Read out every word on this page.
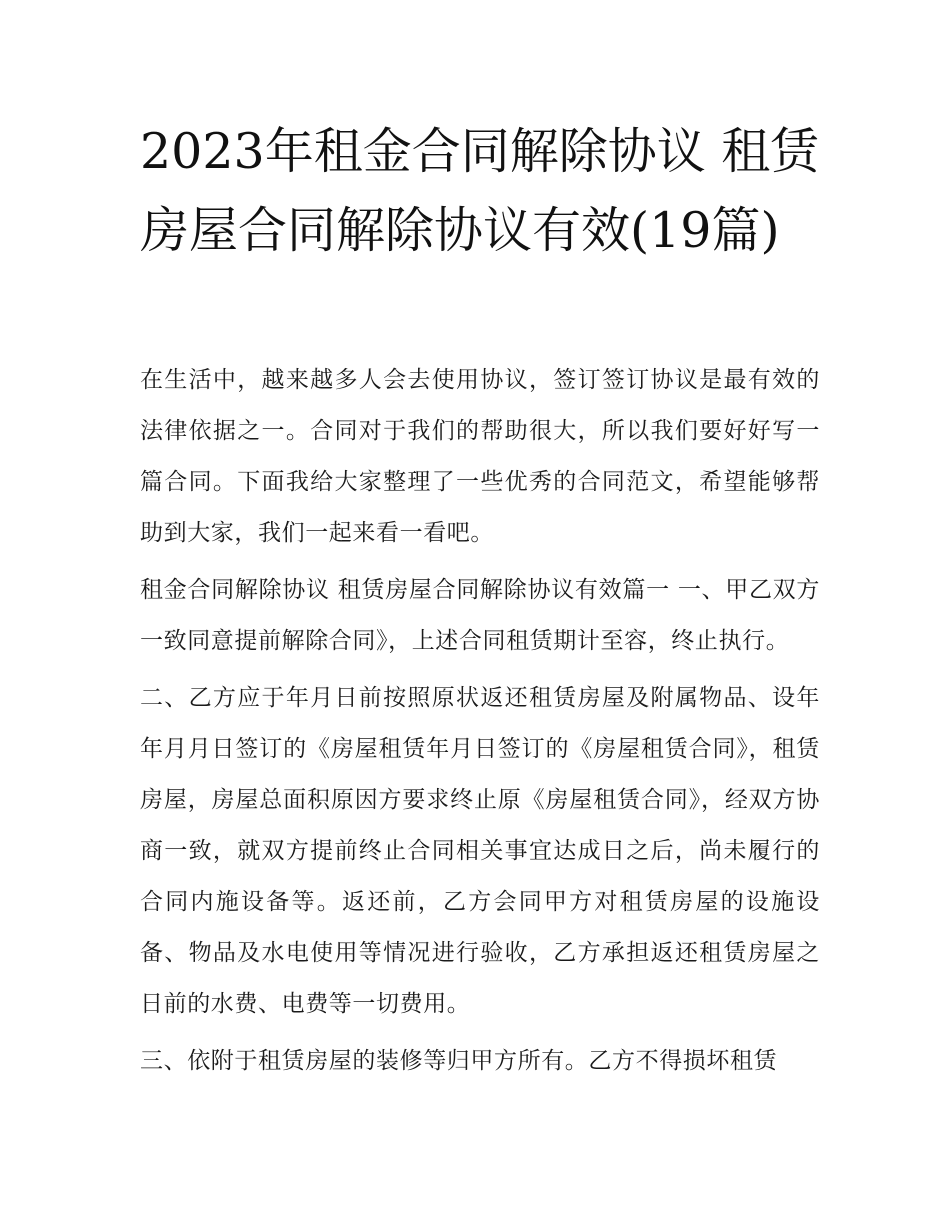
2023年租金合同解除协议 租赁房屋合同解除协议有效(19篇)

在生活中，越来越多人会去使用协议，签订签订协议是最有效的法律依据之一。合同对于我们的帮助很大，所以我们要好好写一篇合同。下面我给大家整理了一些优秀的合同范文，希望能够帮助到大家，我们一起来看一看吧。

租金合同解除协议 租赁房屋合同解除协议有效篇一 一、甲乙双方一致同意提前解除合同》，上述合同租赁期计至容，终止执行。

二、乙方应于年月日前按照原状返还租赁房屋及附属物品、设年年月月日签订的《房屋租赁年月日签订的《房屋租赁合同》，租赁房屋，房屋总面积原因方要求终止原《房屋租赁合同》，经双方协商一致，就双方提前终止合同相关事宜达成日之后，尚未履行的合同内施设备等。返还前，乙方会同甲方对租赁房屋的设施设备、物品及水电使用等情况进行验收，乙方承担返还租赁房屋之日前的水费、电费等一切费用。

三、依附于租赁房屋的装修等归甲方所有。乙方不得损坏租赁
